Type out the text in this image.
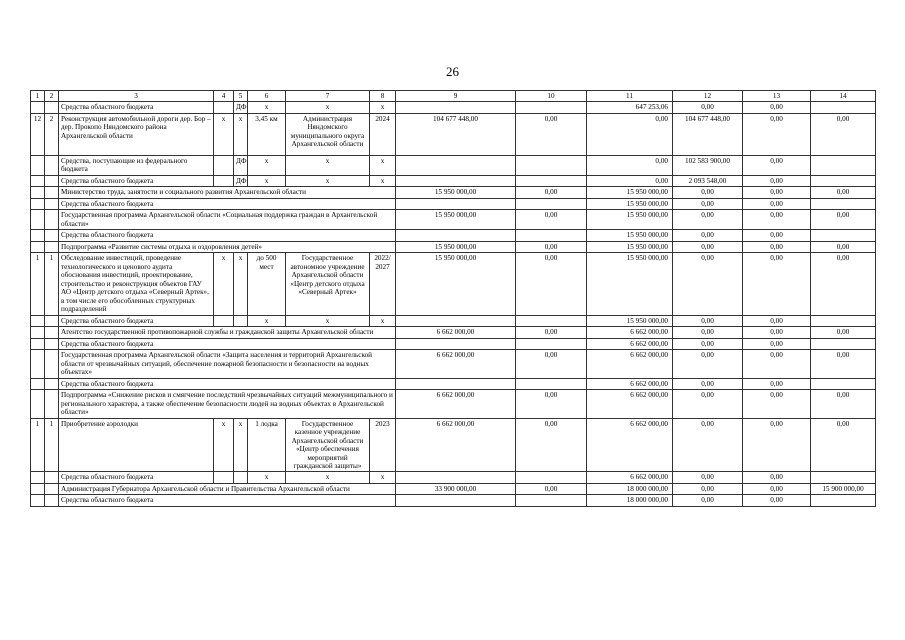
26
1	2	3	4	5	6	7	8	9	10	11	12	13	14
		Средства областного бюджета		ДФ	х	х	х			647 253,06	0,00	0,00	
12	2	Реконструкция автомобильной дороги дер. Бор – дер. Прокопо Няндомского района Архангельской области	х	х	3,45 км	Администрация Няндомского муниципального округа Архангельской области	2024	104 677 448,00	0,00	0,00	104 677 448,00	0,00	0,00
		Средства, поступающие из федерального бюджета		ДФ	х	х	х			0,00	102 583 900,00	0,00	
		Средства областного бюджета		ДФ	х	х	х			0,00	2 093 548,00	0,00	
		Министерство труда, занятости и социального развития Архангельской области						15 950 000,00	0,00	15 950 000,00	0,00	0,00	0,00
		Средства областного бюджета								15 950 000,00	0,00	0,00	
		Государственная программа Архангельской области «Социальная поддержка граждан в Архангельской области»						15 950 000,00	0,00	15 950 000,00	0,00	0,00	0,00
		Средства областного бюджета								15 950 000,00	0,00	0,00	
		Подпрограмма «Развитие системы отдыха и оздоровления детей»						15 950 000,00	0,00	15 950 000,00	0,00	0,00	0,00
1	1	Обследование инвестиций, проведение технологического и ценового аудита обоснования инвестиций, проектирование, строительство и реконструкция объектов ГАУ АО «Центр детского отдыха «Северный Артек», в том числе его обособленных структурных подразделений	х	х	до 500 мест	Государственное автономное учреждение Архангельской области «Центр детского отдыха «Северный Артек»	2022/ 2027	15 950 000,00	0,00	15 950 000,00	0,00	0,00	0,00
		Средства областного бюджета			х	х	х			15 950 000,00	0,00	0,00	
		Агентство государственной противопожарной службы и гражданской защиты Архангельской области						6 662 000,00	0,00	6 662 000,00	0,00	0,00	0,00
		Средства областного бюджета								6 662 000,00	0,00	0,00	
		Государственная программа Архангельской области «Защита населения и территорий Архангельской области от чрезвычайных ситуаций, обеспечение пожарной безопасности и безопасности на водных объектах»						6 662 000,00	0,00	6 662 000,00	0,00	0,00	0,00
		Средства областного бюджета								6 662 000,00	0,00	0,00	
		Подпрограмма «Снижение рисков и смягчение последствий чрезвычайных ситуаций межмуниципального и регионального характера, а также обеспечение безопасности людей на водных объектах в Архангельской области»						6 662 000,00	0,00	6 662 000,00	0,00	0,00	0,00
1	1	Приобретение аэролодки	х	х	1 лодка	Государственное казенное учреждение Архангельской области «Центр обеспечения мероприятий гражданской защиты»	2023	6 662 000,00	0,00	6 662 000,00	0,00	0,00	0,00
		Средства областного бюджета			х	х	х			6 662 000,00	0,00	0,00	
		Администрация Губернатора Архангельской области и Правительства Архангельской области						33 900 000,00	0,00	18 000 000,00	0,00	0,00	15 900 000,00
		Средства областного бюджета								18 000 000,00	0,00	0,00	
